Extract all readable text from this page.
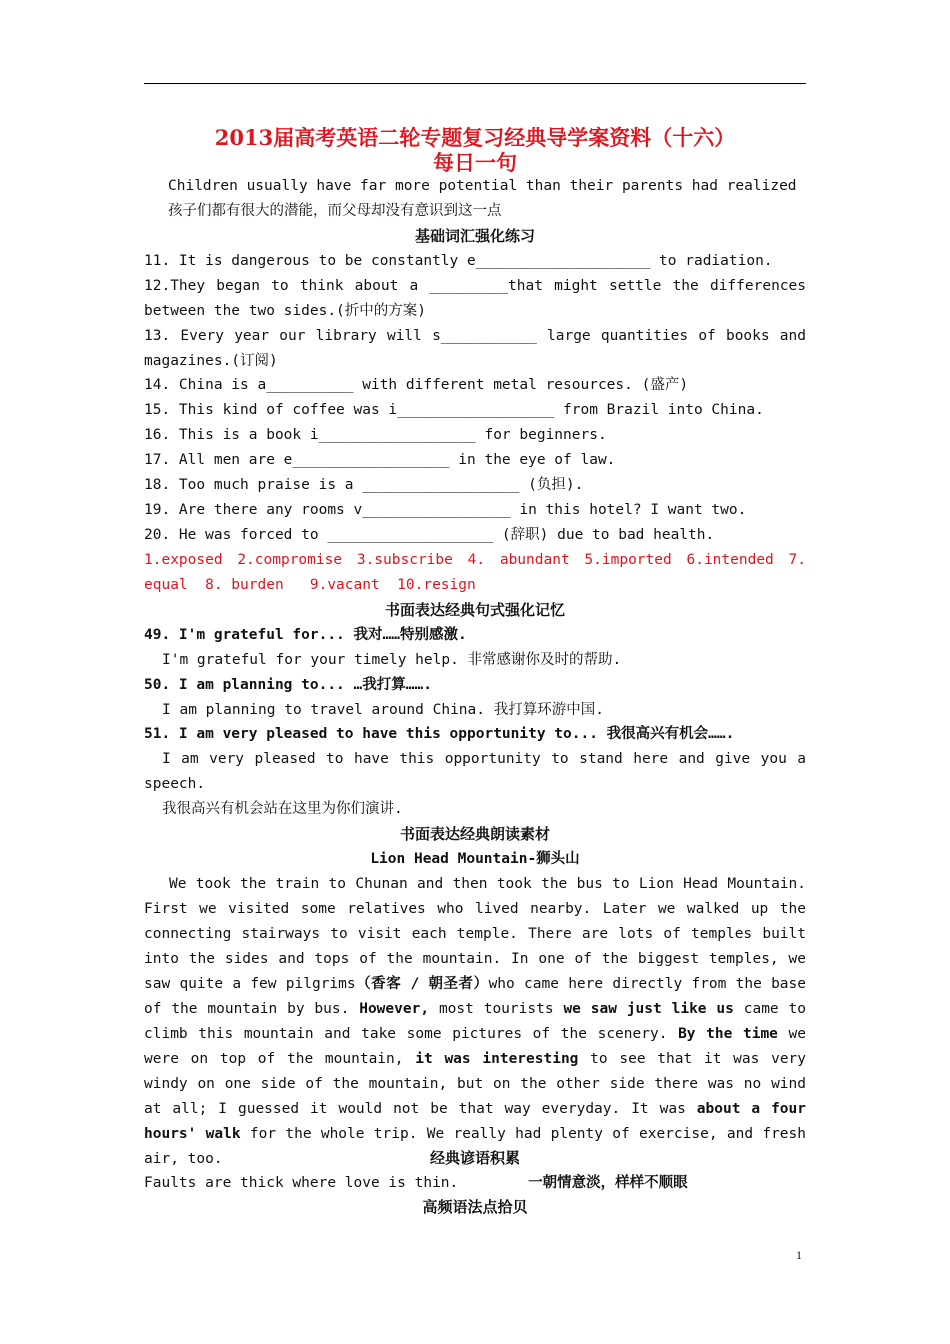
2013届高考英语二轮专题复习经典导学案资料（十六）
每日一句
Children usually have far more potential than their parents had realized
孩子们都有很大的潜能，而父母却没有意识到这一点
基础词汇强化练习
11. It is dangerous to be constantly e____________________ to radiation.
12.They began to think about a _________that might settle the differences
between the two sides.(折中的方案)
13. Every year our library will s___________ large quantities of books and
magazines.(订阅)
14. China is a__________ with different metal resources. (盛产)
15. This kind of coffee was i__________________ from Brazil into China.
16. This is a book i__________________ for beginners.
17. All men are e__________________ in the eye of law.
18. Too much praise is a __________________ (负担).
19. Are there any rooms v_________________ in this hotel? I want two.
20. He was forced to ___________________ (辞职) due to bad health.
1.exposed 2.compromise 3.subscribe 4. abundant 5.imported 6.intended 7.
equal  8. burden   9.vacant  10.resign
书面表达经典句式强化记忆
49. I'm grateful for... 我对……特别感激.
I'm grateful for your timely help. 非常感谢你及时的帮助.
50. I am planning to... …我打算…….
I am planning to travel around China. 我打算环游中国.
51. I am very pleased to have this opportunity to... 我很高兴有机会…….
I am very pleased to have this opportunity to stand here and give you a
speech.
我很高兴有机会站在这里为你们演讲.
书面表达经典朗读素材
Lion Head Mountain-狮头山
We took the train to Chunan and then took the bus to Lion Head Mountain. First we visited some relatives who lived nearby. Later we walked up the connecting stairways to visit each temple. There are lots of temples built into the sides and tops of the mountain. In one of the biggest temples, we saw quite a few pilgrims（香客 / 朝圣者）who came here directly from the base of the mountain by bus. However, most tourists we saw just like us came to climb this mountain and take some pictures of the scenery. By the time we were on top of the mountain, it was interesting to see that it was very windy on one side of the mountain, but on the other side there was no wind at all; I guessed it would not be that way everyday. It was about a four hours' walk for the whole trip. We really had plenty of exercise, and fresh air, too.	经典谚语积累
Faults are thick where love is thin.	一朝情意淡，样样不顺眼
高频语法点拾贝
1
